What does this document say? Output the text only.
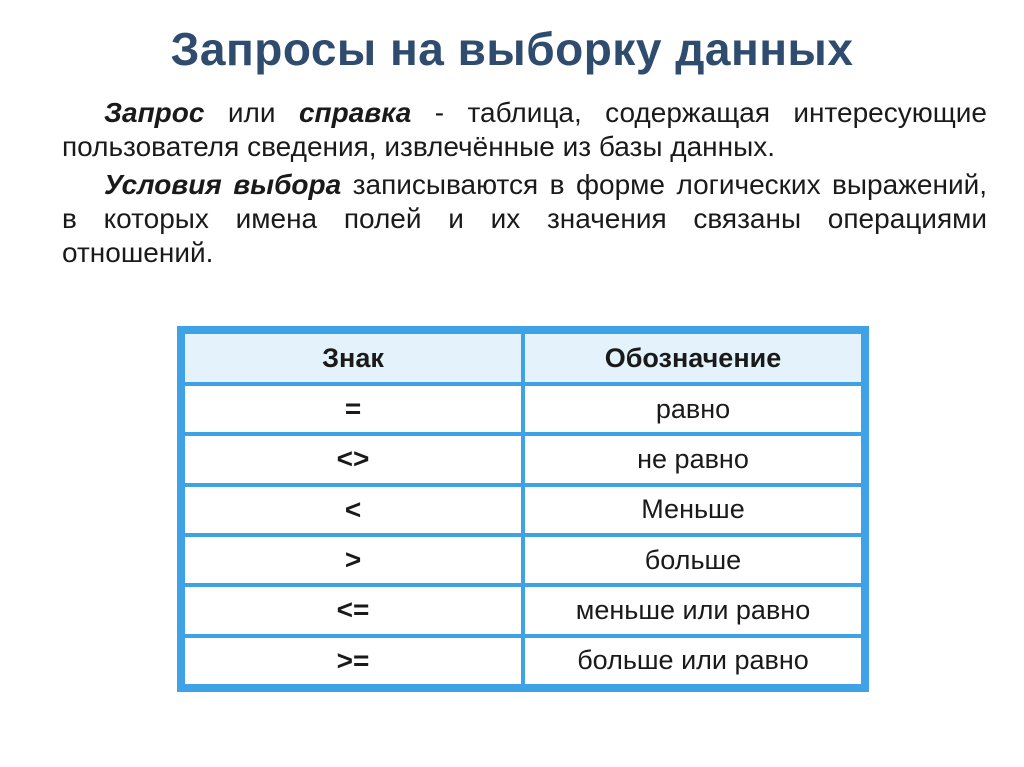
Запросы на выборку данных

Запрос или справка - таблица, содержащая интересующие пользователя сведения, извлечённые из базы данных.

Условия выбора записываются в форме логических выражений, в которых имена полей и их значения связаны операциями отношений.

Знак	Обозначение
=	равно
<>	не равно
<	Меньше
>	больше
<=	меньше или равно
>=	больше или равно
